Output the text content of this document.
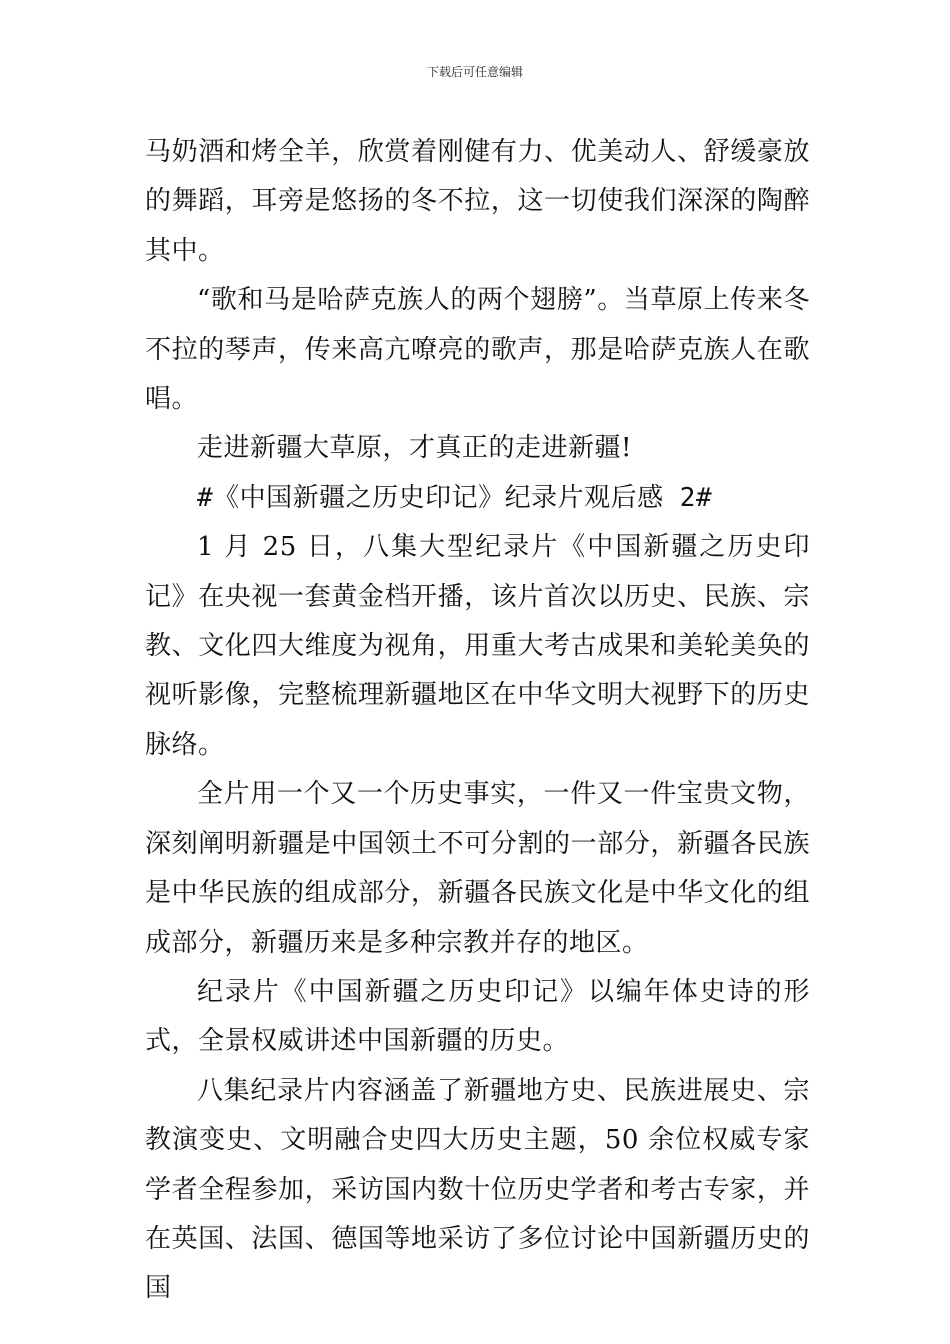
下载后可任意编辑

马奶酒和烤全羊，欣赏着刚健有力、优美动人、舒缓豪放的舞蹈，耳旁是悠扬的冬不拉，这一切使我们深深的陶醉其中。

“歌和马是哈萨克族人的两个翅膀”。当草原上传来冬不拉的琴声，传来高亢嘹亮的歌声，那是哈萨克族人在歌唱。

走进新疆大草原，才真正的走进新疆!

#《中国新疆之历史印记》纪录片观后感 2#

1 月 25 日，八集大型纪录片《中国新疆之历史印记》在央视一套黄金档开播，该片首次以历史、民族、宗教、文化四大维度为视角，用重大考古成果和美轮美奂的视听影像，完整梳理新疆地区在中华文明大视野下的历史脉络。

全片用一个又一个历史事实，一件又一件宝贵文物，深刻阐明新疆是中国领土不可分割的一部分，新疆各民族是中华民族的组成部分，新疆各民族文化是中华文化的组成部分，新疆历来是多种宗教并存的地区。

纪录片《中国新疆之历史印记》以编年体史诗的形式，全景权威讲述中国新疆的历史。

八集纪录片内容涵盖了新疆地方史、民族进展史、宗教演变史、文明融合史四大历史主题，50 余位权威专家学者全程参加，采访国内数十位历史学者和考古专家，并在英国、法国、德国等地采访了多位讨论中国新疆历史的国
